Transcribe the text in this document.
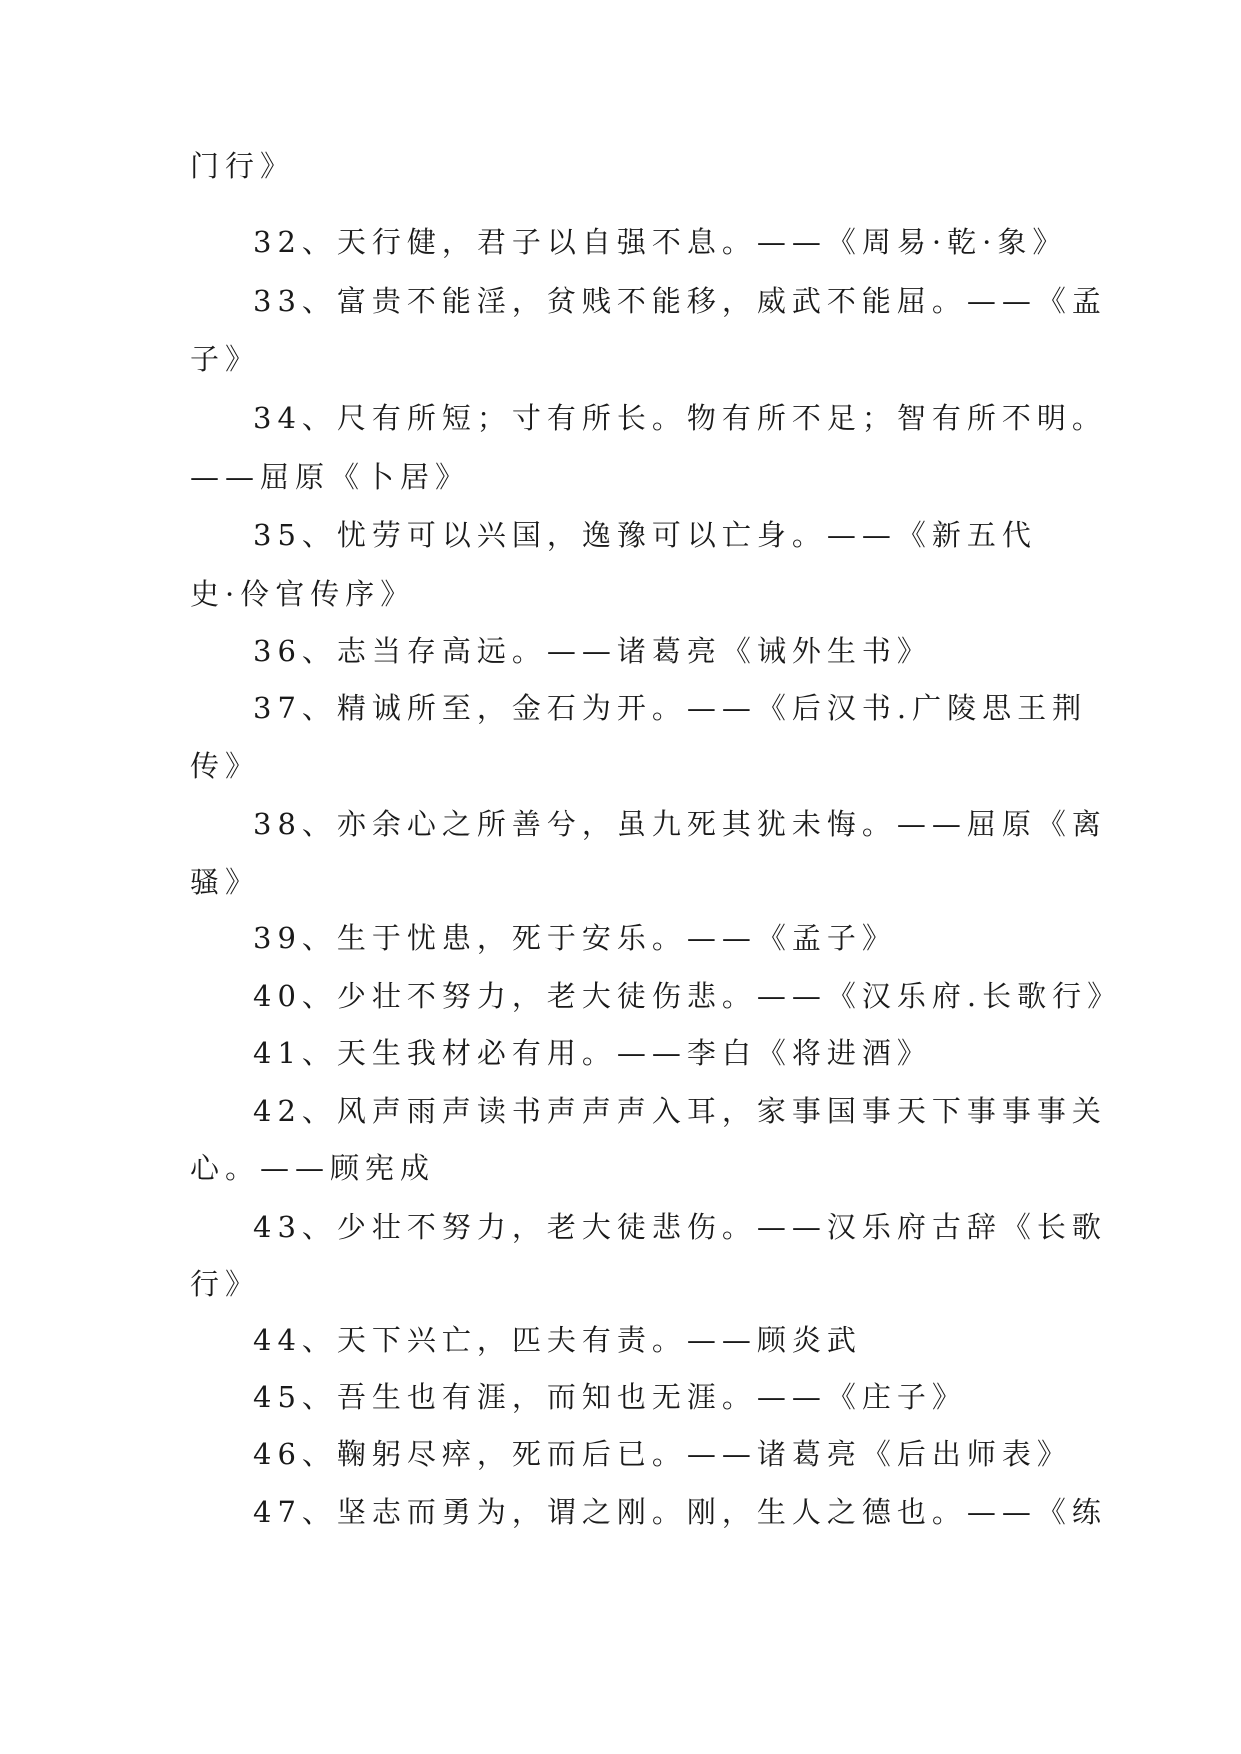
门行》
32、天行健，君子以自强不息。——《周易·乾·象》
33、富贵不能淫，贫贱不能移，威武不能屈。——《孟
子》
34、尺有所短；寸有所长。物有所不足；智有所不明。
——屈原《卜居》
35、忧劳可以兴国，逸豫可以亡身。——《新五代
史·伶官传序》
36、志当存高远。——诸葛亮《诫外生书》
37、精诚所至，金石为开。——《后汉书.广陵思王荆
传》
38、亦余心之所善兮，虽九死其犹未悔。——屈原《离
骚》
39、生于忧患，死于安乐。——《孟子》
40、少壮不努力，老大徒伤悲。——《汉乐府.长歌行》
41、天生我材必有用。——李白《将进酒》
42、风声雨声读书声声声入耳，家事国事天下事事事关
心。——顾宪成
43、少壮不努力，老大徒悲伤。——汉乐府古辞《长歌
行》
44、天下兴亡，匹夫有责。——顾炎武
45、吾生也有涯，而知也无涯。——《庄子》
46、鞠躬尽瘁，死而后已。——诸葛亮《后出师表》
47、坚志而勇为，谓之刚。刚，生人之德也。——《练
